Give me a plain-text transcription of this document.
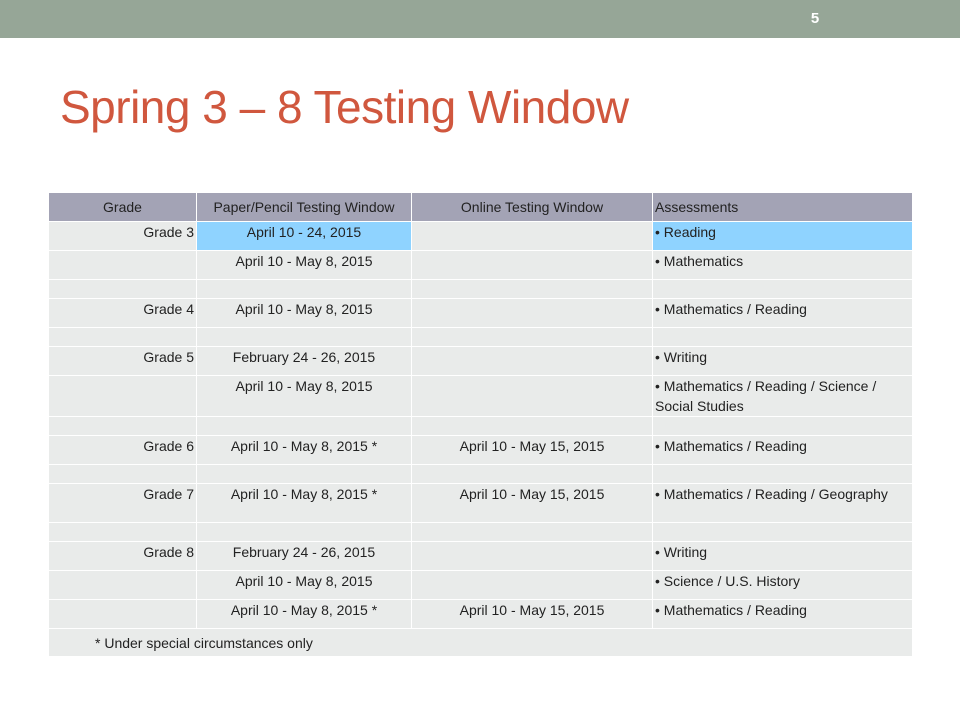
5
Spring 3 – 8 Testing Window
Grade	Paper/Pencil Testing Window	Online Testing Window	Assessments
Grade 3	April 10 - 24, 2015		• Reading
	April 10 - May 8, 2015		• Mathematics

Grade 4	April 10 - May 8, 2015		• Mathematics / Reading

Grade 5	February 24 - 26, 2015		• Writing
	April 10 - May 8, 2015		• Mathematics / Reading / Science / Social Studies

Grade 6	April 10 - May 8, 2015 *	April 10 - May 15, 2015	• Mathematics / Reading

Grade 7	April 10 - May 8, 2015 *	April 10 - May 15, 2015	• Mathematics / Reading / Geography

Grade 8	February 24 - 26, 2015		• Writing
	April 10 - May 8, 2015		• Science / U.S. History
	April 10 - May 8, 2015 *	April 10 - May 15, 2015	• Mathematics / Reading
* Under special circumstances only			
